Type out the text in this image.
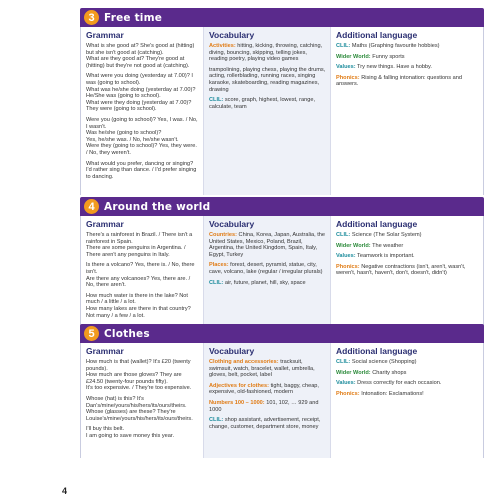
3 Free time
Grammar
What is she good at? She's good at (hitting) but she isn't good at (catching).
What are they good at? They're good at (hitting) but they're not good at (catching).
What were you doing (yesterday at 7.00)? I was (going to school).
What was he/she doing (yesterday at 7.00)?
He/She was (going to school).
What were they doing (yesterday at 7.00)?
They were (going to school).
Were you (going to school)? Yes, I was. / No, I wasn't.
Was he/she (going to school)?
Yes, he/she was. / No, he/she wasn't.
Were they (going to school)? Yes, they were. / No, they weren't.
What would you prefer, dancing or singing?
I'd rather sing than dance. / I'd prefer singing to dancing.
Vocabulary
Activities: hitting, kicking, throwing, catching, diving, bouncing, skipping, telling jokes, reading poetry, playing video games
trampolining, playing chess, playing the drums, acting, rollerblading, running races, singing karaoke, skateboarding, reading magazines, drawing
CLIL: score, graph, highest, lowest, range, calculate, team
Additional language
CLIL: Maths (Graphing favourite hobbies)
Wider World: Funny sports
Values: Try new things. Have a hobby.
Phonics: Rising & falling intonation: questions and answers.
4 Around the world
Grammar
There's a rainforest in Brazil. / There isn't a rainforest in Spain.
There are some penguins in Argentina. / There aren't any penguins in Italy.
Is there a volcano? Yes, there is. / No, there isn't.
Are there any volcanoes? Yes, there are. / No, there aren't.
How much water is there in the lake? Not much / a little / a lot.
How many lakes are there in that country? Not many / a few / a lot.
Vocabulary
Countries: China, Korea, Japan, Australia, the United States, Mexico, Poland, Brazil, Argentina, the United Kingdom, Spain, Italy, Egypt, Turkey
Places: forest, desert, pyramid, statue, city, cave, volcano, lake (regular / irregular plurals)
CLIL: air, future, planet, hill, sky, space
Additional language
CLIL: Science (The Solar System)
Wider World: The weather
Values: Teamwork is important.
Phonics: Negative contractions (isn't, aren't, wasn't, weren't, hasn't, haven't, don't, doesn't, didn't)
5 Clothes
Grammar
How much is that (wallet)? It's £20 (twenty pounds).
How much are those gloves? They are £24.50 (twenty-four pounds fifty).
It's too expensive. / They're too expensive.
Whose (hat) is this? It's Dan's/mine/yours/his/hers/its/ours/theirs.
Whose (glasses) are these? They're Louise's/mine/yours/his/hers/its/ours/theirs.
I'll buy this belt.
I am going to save money this year.
Vocabulary
Clothing and accessories: tracksuit, swimsuit, watch, bracelet, wallet, umbrella, gloves, belt, pocket, label
Adjectives for clothes: tight, baggy, cheap, expensive, old-fashioned, modern
Numbers 100 – 1000: 101, 102, … 929 and 1000
CLIL: shop assistant, advertisement, receipt, change, customer, department store, money
Additional language
CLIL: Social science (Shopping)
Wider World: Charity shops
Values: Dress correctly for each occasion.
Phonics: Intonation: Exclamations!
4
